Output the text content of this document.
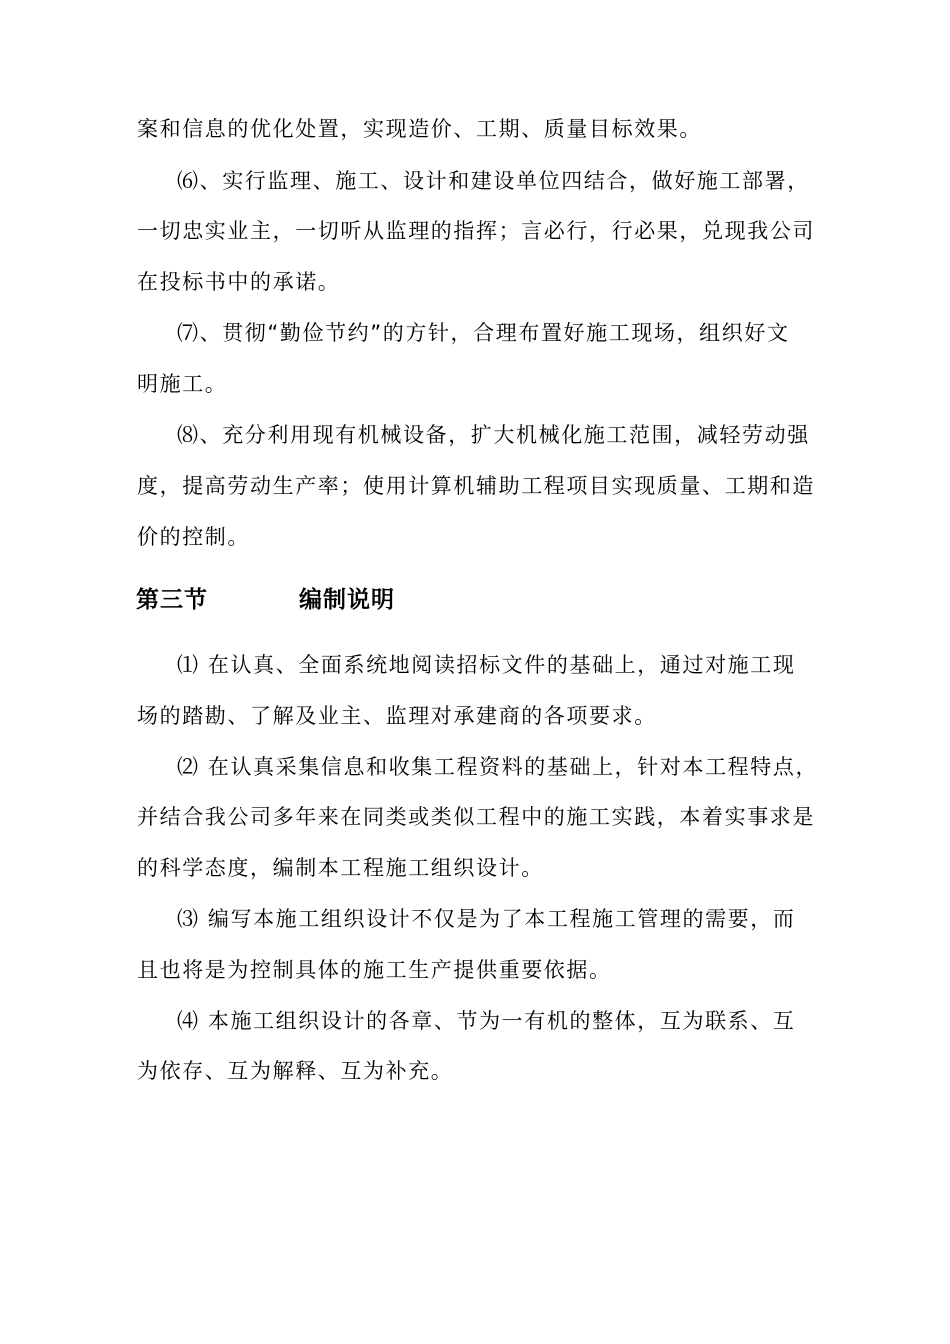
案和信息的优化处置，实现造价、工期、质量目标效果。
⑹、实行监理、施工、设计和建设单位四结合，做好施工部署，
一切忠实业主，一切听从监理的指挥；言必行，行必果，兑现我公司
在投标书中的承诺。
⑺、贯彻“勤俭节约”的方针，合理布置好施工现场，组织好文
明施工。
⑻、充分利用现有机械设备，扩大机械化施工范围，减轻劳动强
度，提高劳动生产率；使用计算机辅助工程项目实现质量、工期和造
价的控制。
第三节	编制说明
⑴ 在认真、全面系统地阅读招标文件的基础上，通过对施工现
场的踏勘、了解及业主、监理对承建商的各项要求。
⑵ 在认真采集信息和收集工程资料的基础上，针对本工程特点，
并结合我公司多年来在同类或类似工程中的施工实践，本着实事求是
的科学态度，编制本工程施工组织设计。
⑶ 编写本施工组织设计不仅是为了本工程施工管理的需要，而
且也将是为控制具体的施工生产提供重要依据。
⑷ 本施工组织设计的各章、节为一有机的整体，互为联系、互
为依存、互为解释、互为补充。
